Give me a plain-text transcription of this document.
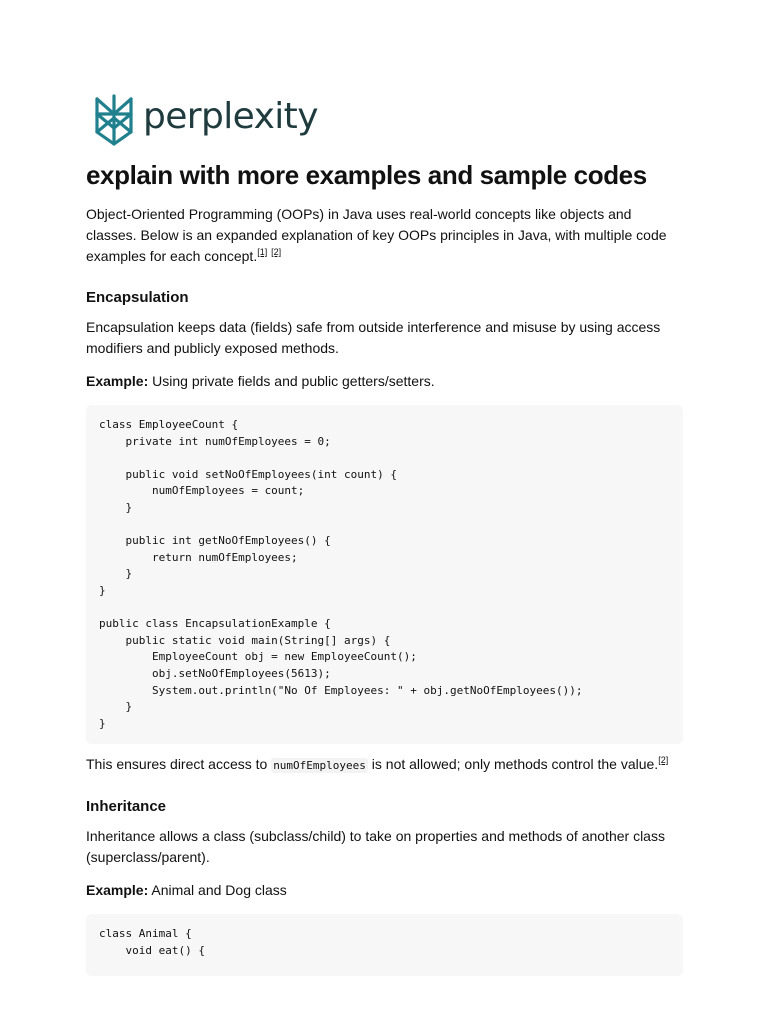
perplexity
explain with more examples and sample codes

Object-Oriented Programming (OOPs) in Java uses real-world concepts like objects and classes. Below is an expanded explanation of key OOPs principles in Java, with multiple code examples for each concept.[1] [2]

Encapsulation

Encapsulation keeps data (fields) safe from outside interference and misuse by using access modifiers and publicly exposed methods.

Example: Using private fields and public getters/setters.

class EmployeeCount {
private int numOfEmployees = 0;

public void setNoOfEmployees(int count) {
numOfEmployees = count;
}

public int getNoOfEmployees() {
return numOfEmployees;
}
}

public class EncapsulationExample {
public static void main(String[] args) {
EmployeeCount obj = new EmployeeCount();
obj.setNoOfEmployees(5613);
System.out.println("No Of Employees: " + obj.getNoOfEmployees());
}
}

This ensures direct access to numOfEmployees is not allowed; only methods control the value.[2]

Inheritance

Inheritance allows a class (subclass/child) to take on properties and methods of another class (superclass/parent).

Example: Animal and Dog class

class Animal {
void eat() {
